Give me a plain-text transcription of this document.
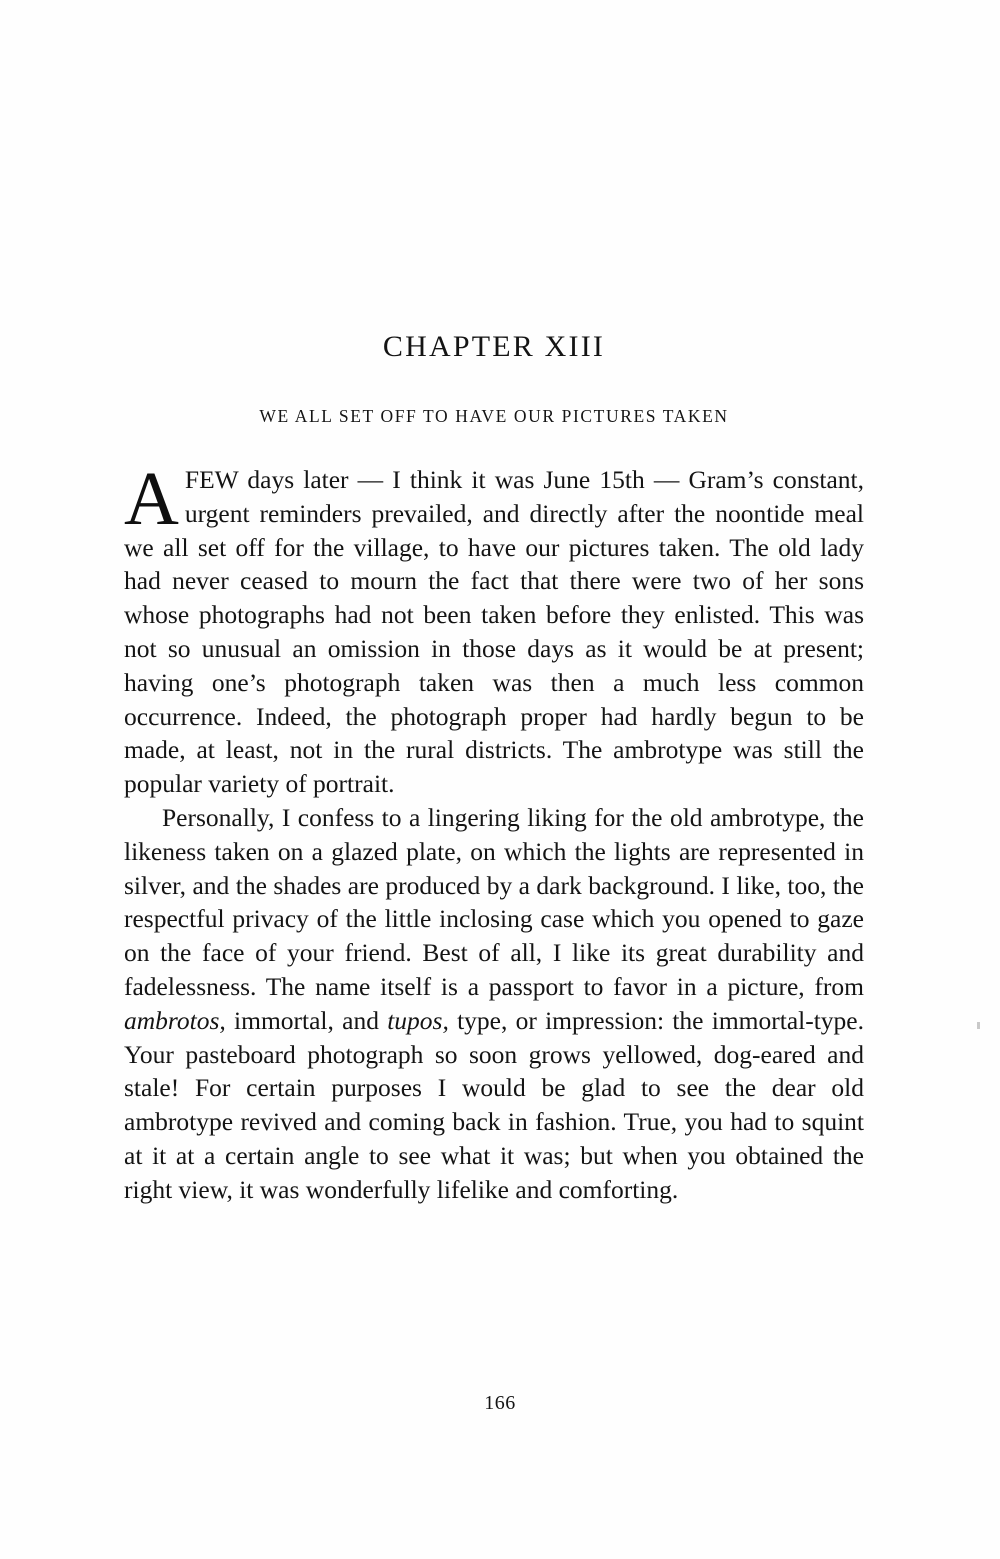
CHAPTER XIII
WE ALL SET OFF TO HAVE OUR PICTURES TAKEN

AFEW days later — I think it was June 15th — Gram’s constant, urgent reminders prevailed, and directly after the noontide meal we all set off for the village, to have our pictures taken. The old lady had never ceased to mourn the fact that there were two of her sons whose photographs had not been taken before they enlisted. This was not so unusual an omission in those days as it would be at present; having one’s photograph taken was then a much less common occurrence. Indeed, the photograph proper had hardly begun to be made, at least, not in the rural districts. The ambrotype was still the popular variety of portrait.

Personally, I confess to a lingering liking for the old ambrotype, the likeness taken on a glazed plate, on which the lights are represented in silver, and the shades are produced by a dark background. I like, too, the respectful privacy of the little inclosing case which you opened to gaze on the face of your friend. Best of all, I like its great durability and fadelessness. The name itself is a passport to favor in a picture, from ambrotos, immortal, and tupos, type, or impression: the immortal-type. Your pasteboard photograph so soon grows yellowed, dog-eared and stale! For certain purposes I would be glad to see the dear old ambrotype revived and coming back in fashion. True, you had to squint at it at a certain angle to see what it was; but when you obtained the right view, it was wonderfully lifelike and comforting.

166
